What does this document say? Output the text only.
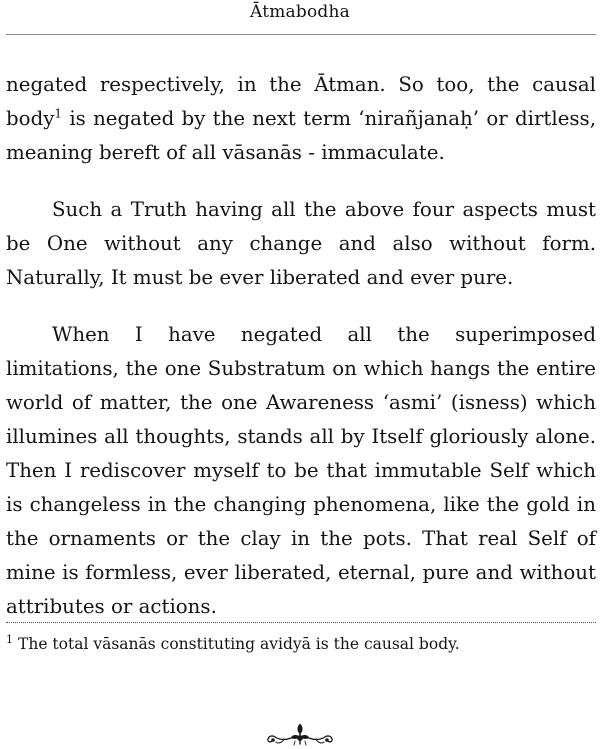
Ātmabodha

negated respectively, in the Ātman. So too, the causal body$^1$ is negated by the next term ‘nirañjanaḥ’ or dirtless, meaning bereft of all vāsanās - immaculate.

Such a Truth having all the above four aspects must be One without any change and also without form. Naturally, It must be ever liberated and ever pure.

When I have negated all the superimposed limitations, the one Substratum on which hangs the entire world of matter, the one Awareness ‘asmi’ (isness) which illumines all thoughts, stands all by Itself gloriously alone. Then I rediscover myself to be that immutable Self which is changeless in the changing phenomena, like the gold in the ornaments or the clay in the pots. That real Self of mine is formless, ever liberated, eternal, pure and without attributes or actions.

$^1$ The total vāsanās constituting avidyā is the causal body.
